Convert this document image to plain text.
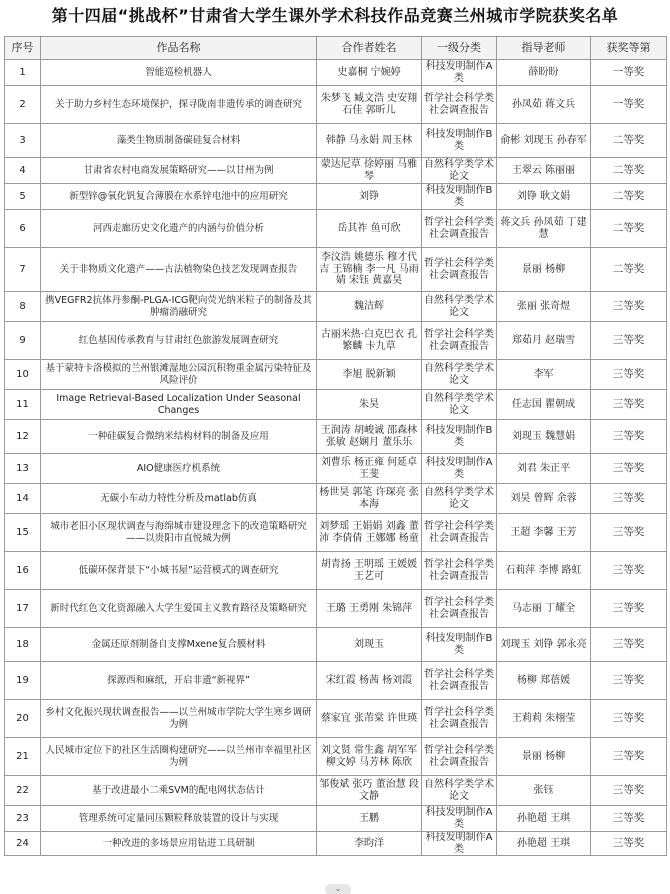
第十四届“挑战杯”甘肃省大学生课外学术科技作品竞赛兰州城市学院获奖名单
序号	作品名称	合作者姓名	一级分类	指导老师	获奖等第
1	智能巡检机器人	史嘉桐 宁婉婷	科技发明制作A类	薛盼盼	一等奖
2	关于助力乡村生态环境保护，探寻陇南非遗传承的调查研究	朱梦飞 臧文浩 史安翔 石佳 郭昕儿	哲学社会科学类社会调查报告	孙凤茹 蒋文兵	一等奖
3	藻类生物质制备碳硅复合材料	韩静 马永娟 周玉林	科技发明制作B类	俞彬 刘现玉 孙春军	二等奖
4	甘肃省农村电商发展策略研究——以甘州为例	蒙达尼草 徐婷丽 马雅琴	自然科学类学术论文	王翠云 陈丽丽	二等奖
5	新型锌@氧化钒复合薄膜在水系锌电池中的应用研究	刘铮	科技发明制作B类	刘铮 耿文娟	二等奖
6	河西走廊历史文化遗产的内涵与价值分析	岳其祚 鱼可欣	哲学社会科学类社会调查报告	蒋文兵 孙凤茹 丁建慧	二等奖
7	关于非物质文化遗产——古法植物染色技艺发现调查报告	李汶浩 姚德乐 穆才代吉 王锦楠 李一凡 马雨婧 宋钰 黄嘉昊	哲学社会科学类社会调查报告	景丽 杨柳	二等奖
8	携VEGFR2抗体丹参酮-PLGA-ICG靶向荧光纳米粒子的制备及其肿瘤消融研究	魏洁辉	自然科学类学术论文	张丽 张奇煜	三等奖
9	红色基因传承教育与甘肃红色旅游发展调查研究	古丽米热·白克巴衣 孔繁麟 卡九草	哲学社会科学类社会调查报告	郑茹月 赵瑞雪	三等奖
10	基于蒙特卡洛模拟的兰州银滩湿地公园沉积物重金属污染特征及风险评价	李旭 脱新颖	自然科学类学术论文	李军	三等奖
11	Image Retrieval-Based Localization Under Seasonal Changes	朱昊	自然科学类学术论文	任志国 瞿朝成	三等奖
12	一种硅碳复合微纳米结构材料的制备及应用	王润涛 胡峻诚 邵森林 张敏 赵娴月 董乐乐	科技发明制作B类	刘现玉 魏慧娟	三等奖
13	AIO健康医疗机系统	刘曹乐 杨正雍 何延卓 王斐	科技发明制作A类	刘君 朱正平	三等奖
14	无碳小车动力特性分析及matlab仿真	杨世昊 郭笔 许琛亮 张本海	自然科学类学术论文	刘昊 曾辉 余蓉	三等奖
15	城市老旧小区现状调查与海绵城市建设理念下的改造策略研究——以贵阳市直悦城为例	刘梦瑶 王娟娟 刘鑫 董沛 李倩倩 王娜娜 杨童	哲学社会科学类社会调查报告	王超 李馨 王芳	三等奖
16	低碳环保背景下“小城书屋”运营模式的调查研究	胡青扬 王明瑶 王媛媛 王艺可	哲学社会科学类社会调查报告	石莉萍 李博 路虹	三等奖
17	新时代红色文化资源融入大学生爱国主义教育路径及策略研究	王璐 王勇刚 朱锦萍	哲学社会科学类社会调查报告	马志丽 丁耀全	三等奖
18	金属还原剂制备自支撑Mxene复合膜材料	刘现玉	科技发明制作B类	刘现玉 刘铮 郭永亮	三等奖
19	探源西和麻纸，开启非遗“新视界”	宋红霞 杨茜 杨刘霞	哲学社会科学类社会调查报告	杨柳 郑蓓媛	三等奖
20	乡村文化振兴现状调查报告——以兰州城市学院大学生寒乡调研为例	蔡家宜 张芾棠 许世瑛	哲学社会科学类社会调查报告	王莉莉 朱栩莹	三等奖
21	人民城市定位下的社区生活圈构建研究——以兰州市幸福里社区为例	刘文贤 常生鑫 胡军军 柳文婷 马芳林 陈欣	哲学社会科学类社会调查报告	景丽 杨柳	三等奖
22	基于改进最小二乘SVM的配电网状态估计	邹俊斌 张巧 董治慧 段文静	自然科学类学术论文	张钰	三等奖
23	管理系统可定量同压颗粒释放装置的设计与实现	王鹏	科技发明制作A类	孙艳超 王琪	三等奖
24	一种改进的多场景应用钻进工具研制	李昀洋	科技发明制作A类	孙艳超 王琪	三等奖
⌄
